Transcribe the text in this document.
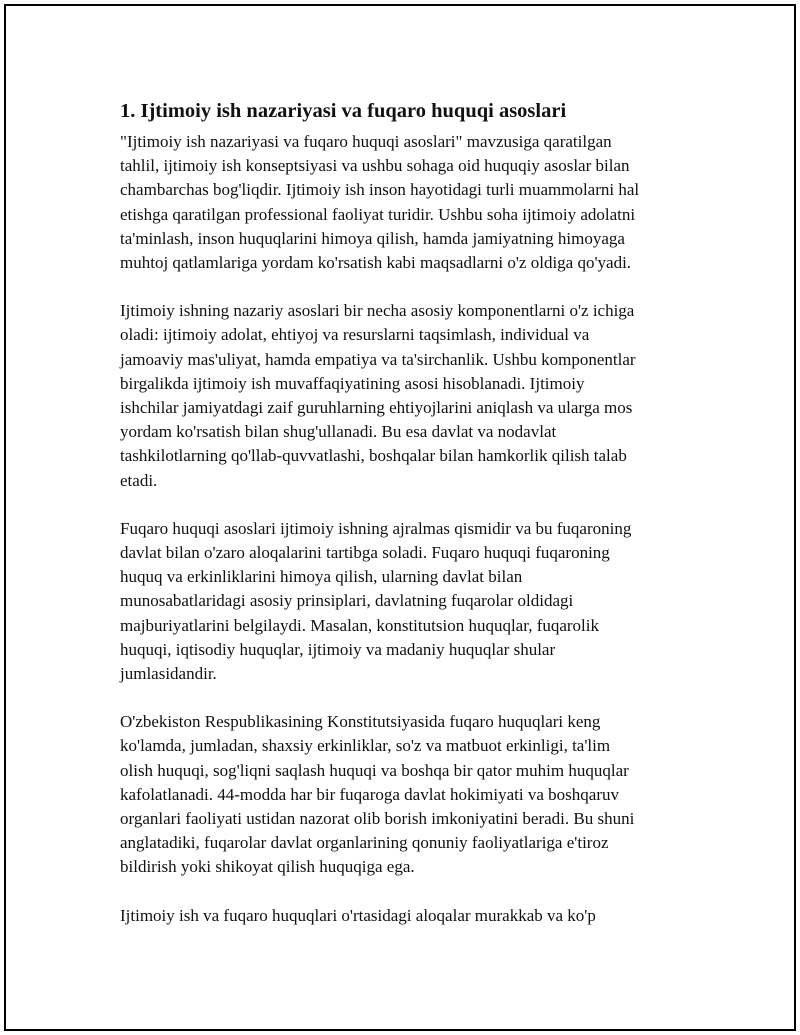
1. Ijtimoiy ish nazariyasi va fuqaro huquqi asoslari

"Ijtimoiy ish nazariyasi va fuqaro huquqi asoslari" mavzusiga qaratilgan
tahlil, ijtimoiy ish konseptsiyasi va ushbu sohaga oid huquqiy asoslar bilan
chambarchas bog'liqdir. Ijtimoiy ish inson hayotidagi turli muammolarni hal
etishga qaratilgan professional faoliyat turidir. Ushbu soha ijtimoiy adolatni
ta'minlash, inson huquqlarini himoya qilish, hamda jamiyatning himoyaga
muhtoj qatlamlariga yordam ko'rsatish kabi maqsadlarni o'z oldiga qo'yadi.

Ijtimoiy ishning nazariy asoslari bir necha asosiy komponentlarni o'z ichiga
oladi: ijtimoiy adolat, ehtiyoj va resurslarni taqsimlash, individual va
jamoaviy mas'uliyat, hamda empatiya va ta'sirchanlik. Ushbu komponentlar
birgalikda ijtimoiy ish muvaffaqiyatining asosi hisoblanadi. Ijtimoiy
ishchilar jamiyatdagi zaif guruhlarning ehtiyojlarini aniqlash va ularga mos
yordam ko'rsatish bilan shug'ullanadi. Bu esa davlat va nodavlat
tashkilotlarning qo'llab-quvvatlashi, boshqalar bilan hamkorlik qilish talab
etadi.

Fuqaro huquqi asoslari ijtimoiy ishning ajralmas qismidir va bu fuqaroning
davlat bilan o'zaro aloqalarini tartibga soladi. Fuqaro huquqi fuqaroning
huquq va erkinliklarini himoya qilish, ularning davlat bilan
munosabatlaridagi asosiy prinsiplari, davlatning fuqarolar oldidagi
majburiyatlarini belgilaydi. Masalan, konstitutsion huquqlar, fuqarolik
huquqi, iqtisodiy huquqlar, ijtimoiy va madaniy huquqlar shular
jumlasidandir.

O'zbekiston Respublikasining Konstitutsiyasida fuqaro huquqlari keng
ko'lamda, jumladan, shaxsiy erkinliklar, so'z va matbuot erkinligi, ta'lim
olish huquqi, sog'liqni saqlash huquqi va boshqa bir qator muhim huquqlar
kafolatlanadi. 44-modda har bir fuqaroga davlat hokimiyati va boshqaruv
organlari faoliyati ustidan nazorat olib borish imkoniyatini beradi. Bu shuni
anglatadiki, fuqarolar davlat organlarining qonuniy faoliyatlariga e'tiroz
bildirish yoki shikoyat qilish huquqiga ega.

Ijtimoiy ish va fuqaro huquqlari o'rtasidagi aloqalar murakkab va ko'p
